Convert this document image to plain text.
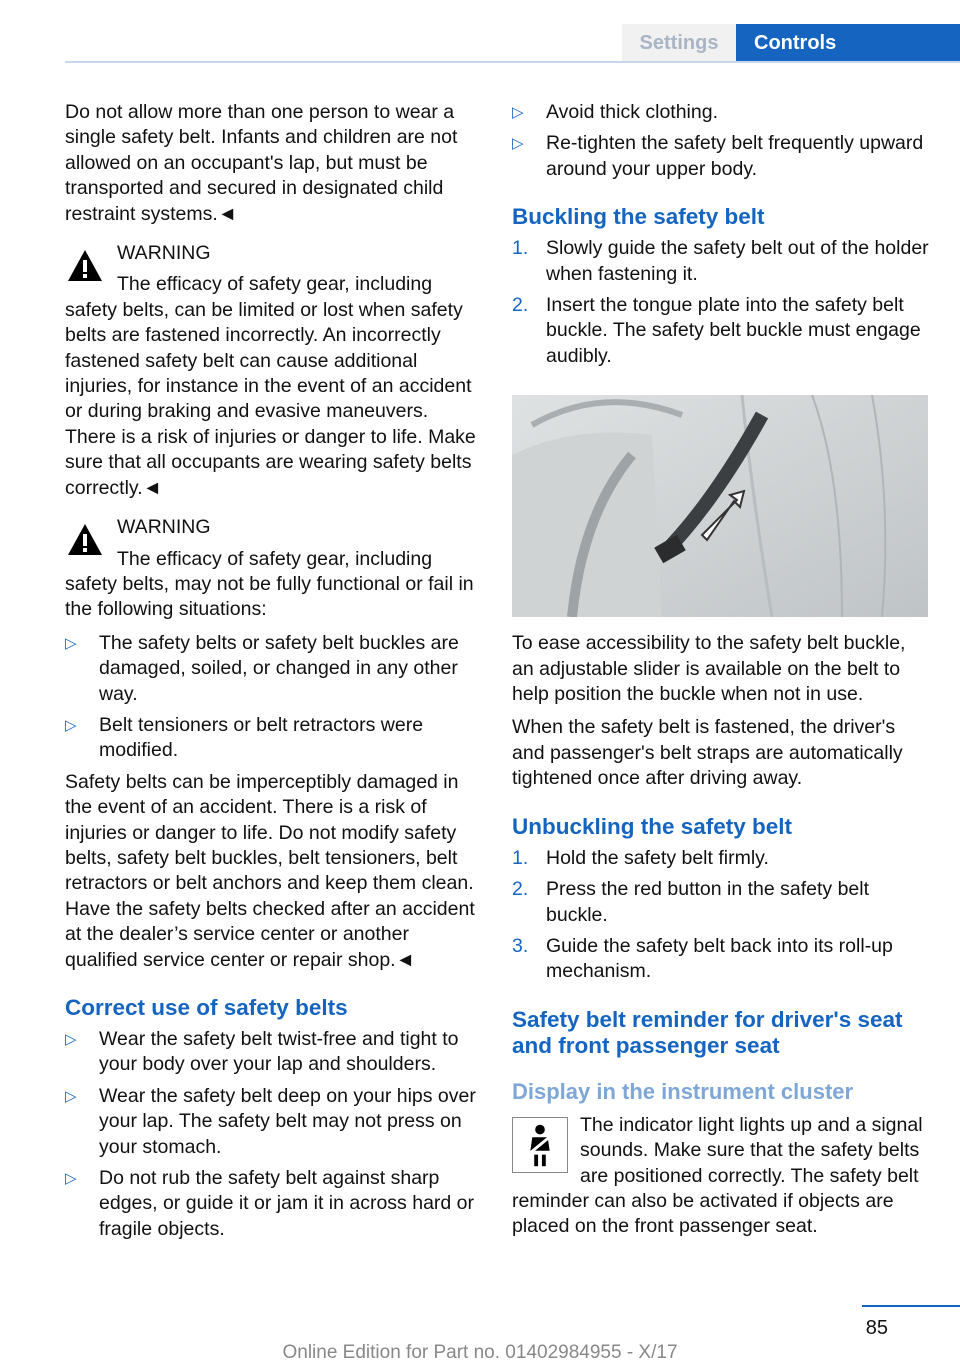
Settings	Controls

Do not allow more than one person to wear a single safety belt. Infants and children are not allowed on an occupant's lap, but must be transported and secured in designated child restraint systems.◄

WARNING
The efficacy of safety gear, including safety belts, can be limited or lost when safety belts are fastened incorrectly. An incorrectly fastened safety belt can cause additional injuries, for instance in the event of an accident or during braking and evasive maneuvers. There is a risk of injuries or danger to life. Make sure that all occupants are wearing safety belts correctly.◄
WARNING
The efficacy of safety gear, including safety belts, may not be fully functional or fail in the following situations:
▷	The safety belts or safety belt buckles are damaged, soiled, or changed in any other way.
▷	Belt tensioners or belt retractors were modified.

Safety belts can be imperceptibly damaged in the event of an accident. There is a risk of injuries or danger to life. Do not modify safety belts, safety belt buckles, belt tensioners, belt retractors or belt anchors and keep them clean. Have the safety belts checked after an accident at the dealer’s service center or another qualified service center or repair shop.◄

Correct use of safety belts
▷	Wear the safety belt twist-free and tight to your body over your lap and shoulders.
▷	Wear the safety belt deep on your hips over your lap. The safety belt may not press on your stomach.
▷	Do not rub the safety belt against sharp edges, or guide it or jam it in across hard or fragile objects.
▷	Avoid thick clothing.
▷	Re-tighten the safety belt frequently upward around your upper body.
Buckling the safety belt
1. Slowly guide the safety belt out of the holder when fastening it.
2. Insert the tongue plate into the safety belt buckle. The safety belt buckle must engage audibly.

To ease accessibility to the safety belt buckle, an adjustable slider is available on the belt to help position the buckle when not in use.

When the safety belt is fastened, the driver's and passenger's belt straps are automatically tightened once after driving away.

Unbuckling the safety belt
1. Hold the safety belt firmly.
2. Press the red button in the safety belt buckle.
3. Guide the safety belt back into its roll-up mechanism.
Safety belt reminder for driver's seat and front passenger seat
Display in the instrument cluster
The indicator light lights up and a signal sounds. Make sure that the safety belts are positioned correctly. The safety belt reminder can also be activated if objects are placed on the front passenger seat.
85
Online Edition for Part no. 01402984955 - X/17
